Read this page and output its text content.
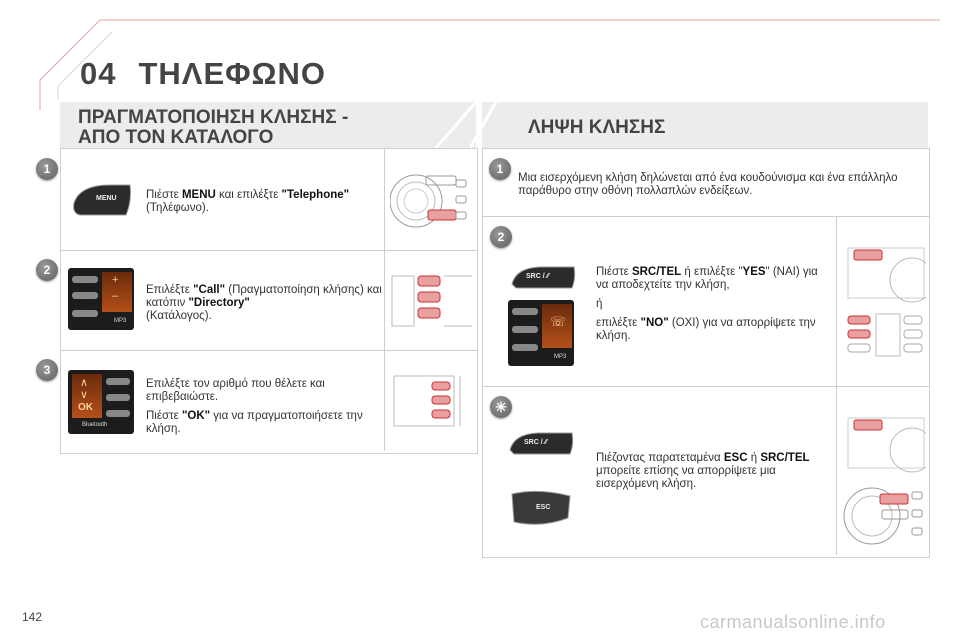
04 ΤΗΛΕΦΩΝΟ
ΠΡΑΓΜΑΤΟΠΟΙΗΣΗ ΚΛΗΣΗΣ -
ΑΠΟ ΤΟΝ ΚΑΤΑΛΟΓΟ
1
MENU	Πιέστε MENU και επιλέξτε "Telephone"
(Τηλέφωνο).
2
+
–
MP3
Επιλέξτε "Call" (Πραγματοποίηση κλήσης) και κατόπιν "Directory"
(Κατάλογος).
3
∧
∨
OK
Bluetooth

Επιλέξτε τον αριθμό που θέλετε και επιβεβαιώστε.

Πιέστε "OK" για να πραγματοποιήσετε την κλήση.

ΛΗΨΗ ΚΛΗΣΗΣ
1
Μια εισερχόμενη κλήση δηλώνεται από ένα κουδούνισμα και ένα επάλληλο παράθυρο στην οθόνη πολλαπλών ενδείξεων.
2
SRC / ⁄⁄
☏
MP3

Πιέστε SRC/TEL ή επιλέξτε "YES" (ΝΑΙ) για να αποδεχτείτε την κλήση,

ή

επιλέξτε "NO" (ΟΧΙ) για να απορρίψετε την κλήση.

☀
SRC / ⁄⁄
ESC
Πιέζοντας παρατεταμένα ESC ή SRC/TEL μπορείτε επίσης να απορρίψετε μια εισερχόμενη κλήση.
142	carmanualsonline.info
